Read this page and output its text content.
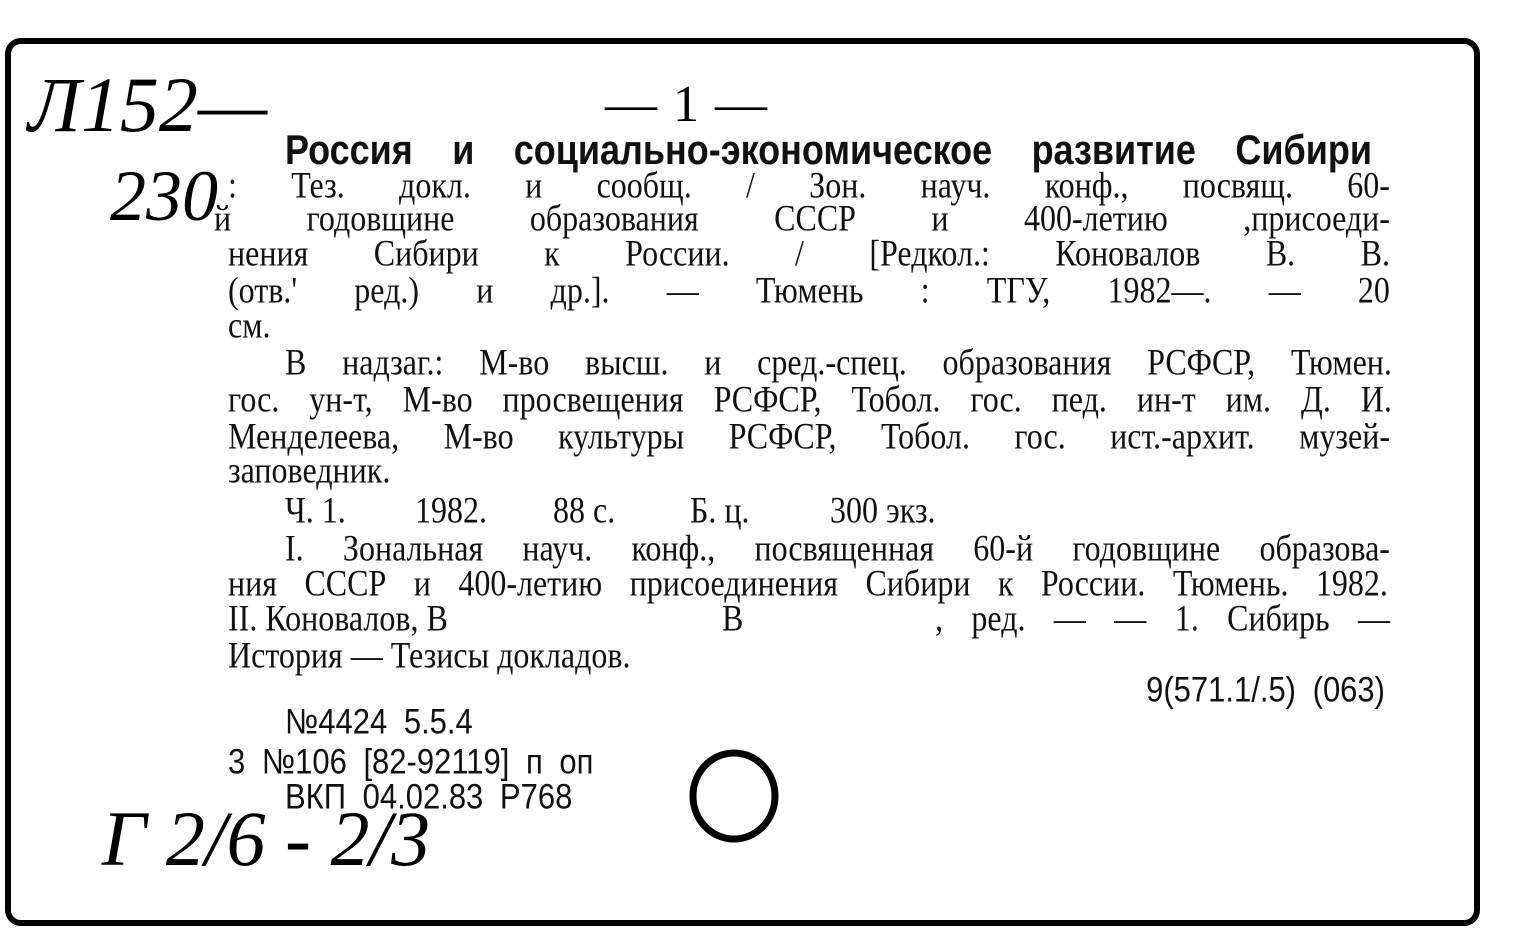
Л152—
230
—1—
Россия и социально-экономическое развитие Сибири
: Тез. докл. и сообщ. / Зон. науч. конф., посвящ. 60-
й годовщине образования СССР и 400-летию ,присоеди-
нения Сибири к России. / [Редкол.: Коновалов В. В.
(отв.' ред.) и др.]. — Тюмень : ТГУ, 1982—. — 20
см.
В надзаг.: М-во высш. и сред.-спец. образования РСФСР, Тюмен.
гос. ун-т, М-во просвещения РСФСР, Тобол. гос. пед. ин-т им. Д. И.
Менделеева, М-во культуры РСФСР, Тобол. гос. ист.-архит. музей-
заповедник.
Ч. 1. 1982. 88 с. Б. ц.	300 экз.
I. Зональная науч. конф., посвященная 60-й годовщине образова-
ния СССР и 400-летию присоединения Сибири к России. Тюмень. 1982.
II. Коновалов, В	В	, ред. — — 1. Сибирь —
История — Тезисы докладов.
9(571.1/.5) (063)
№4424 5.5.4
3 №106 [82-92119] п оп
ВКП 04.02.83 Р768
Г 2/6 - 2/3
